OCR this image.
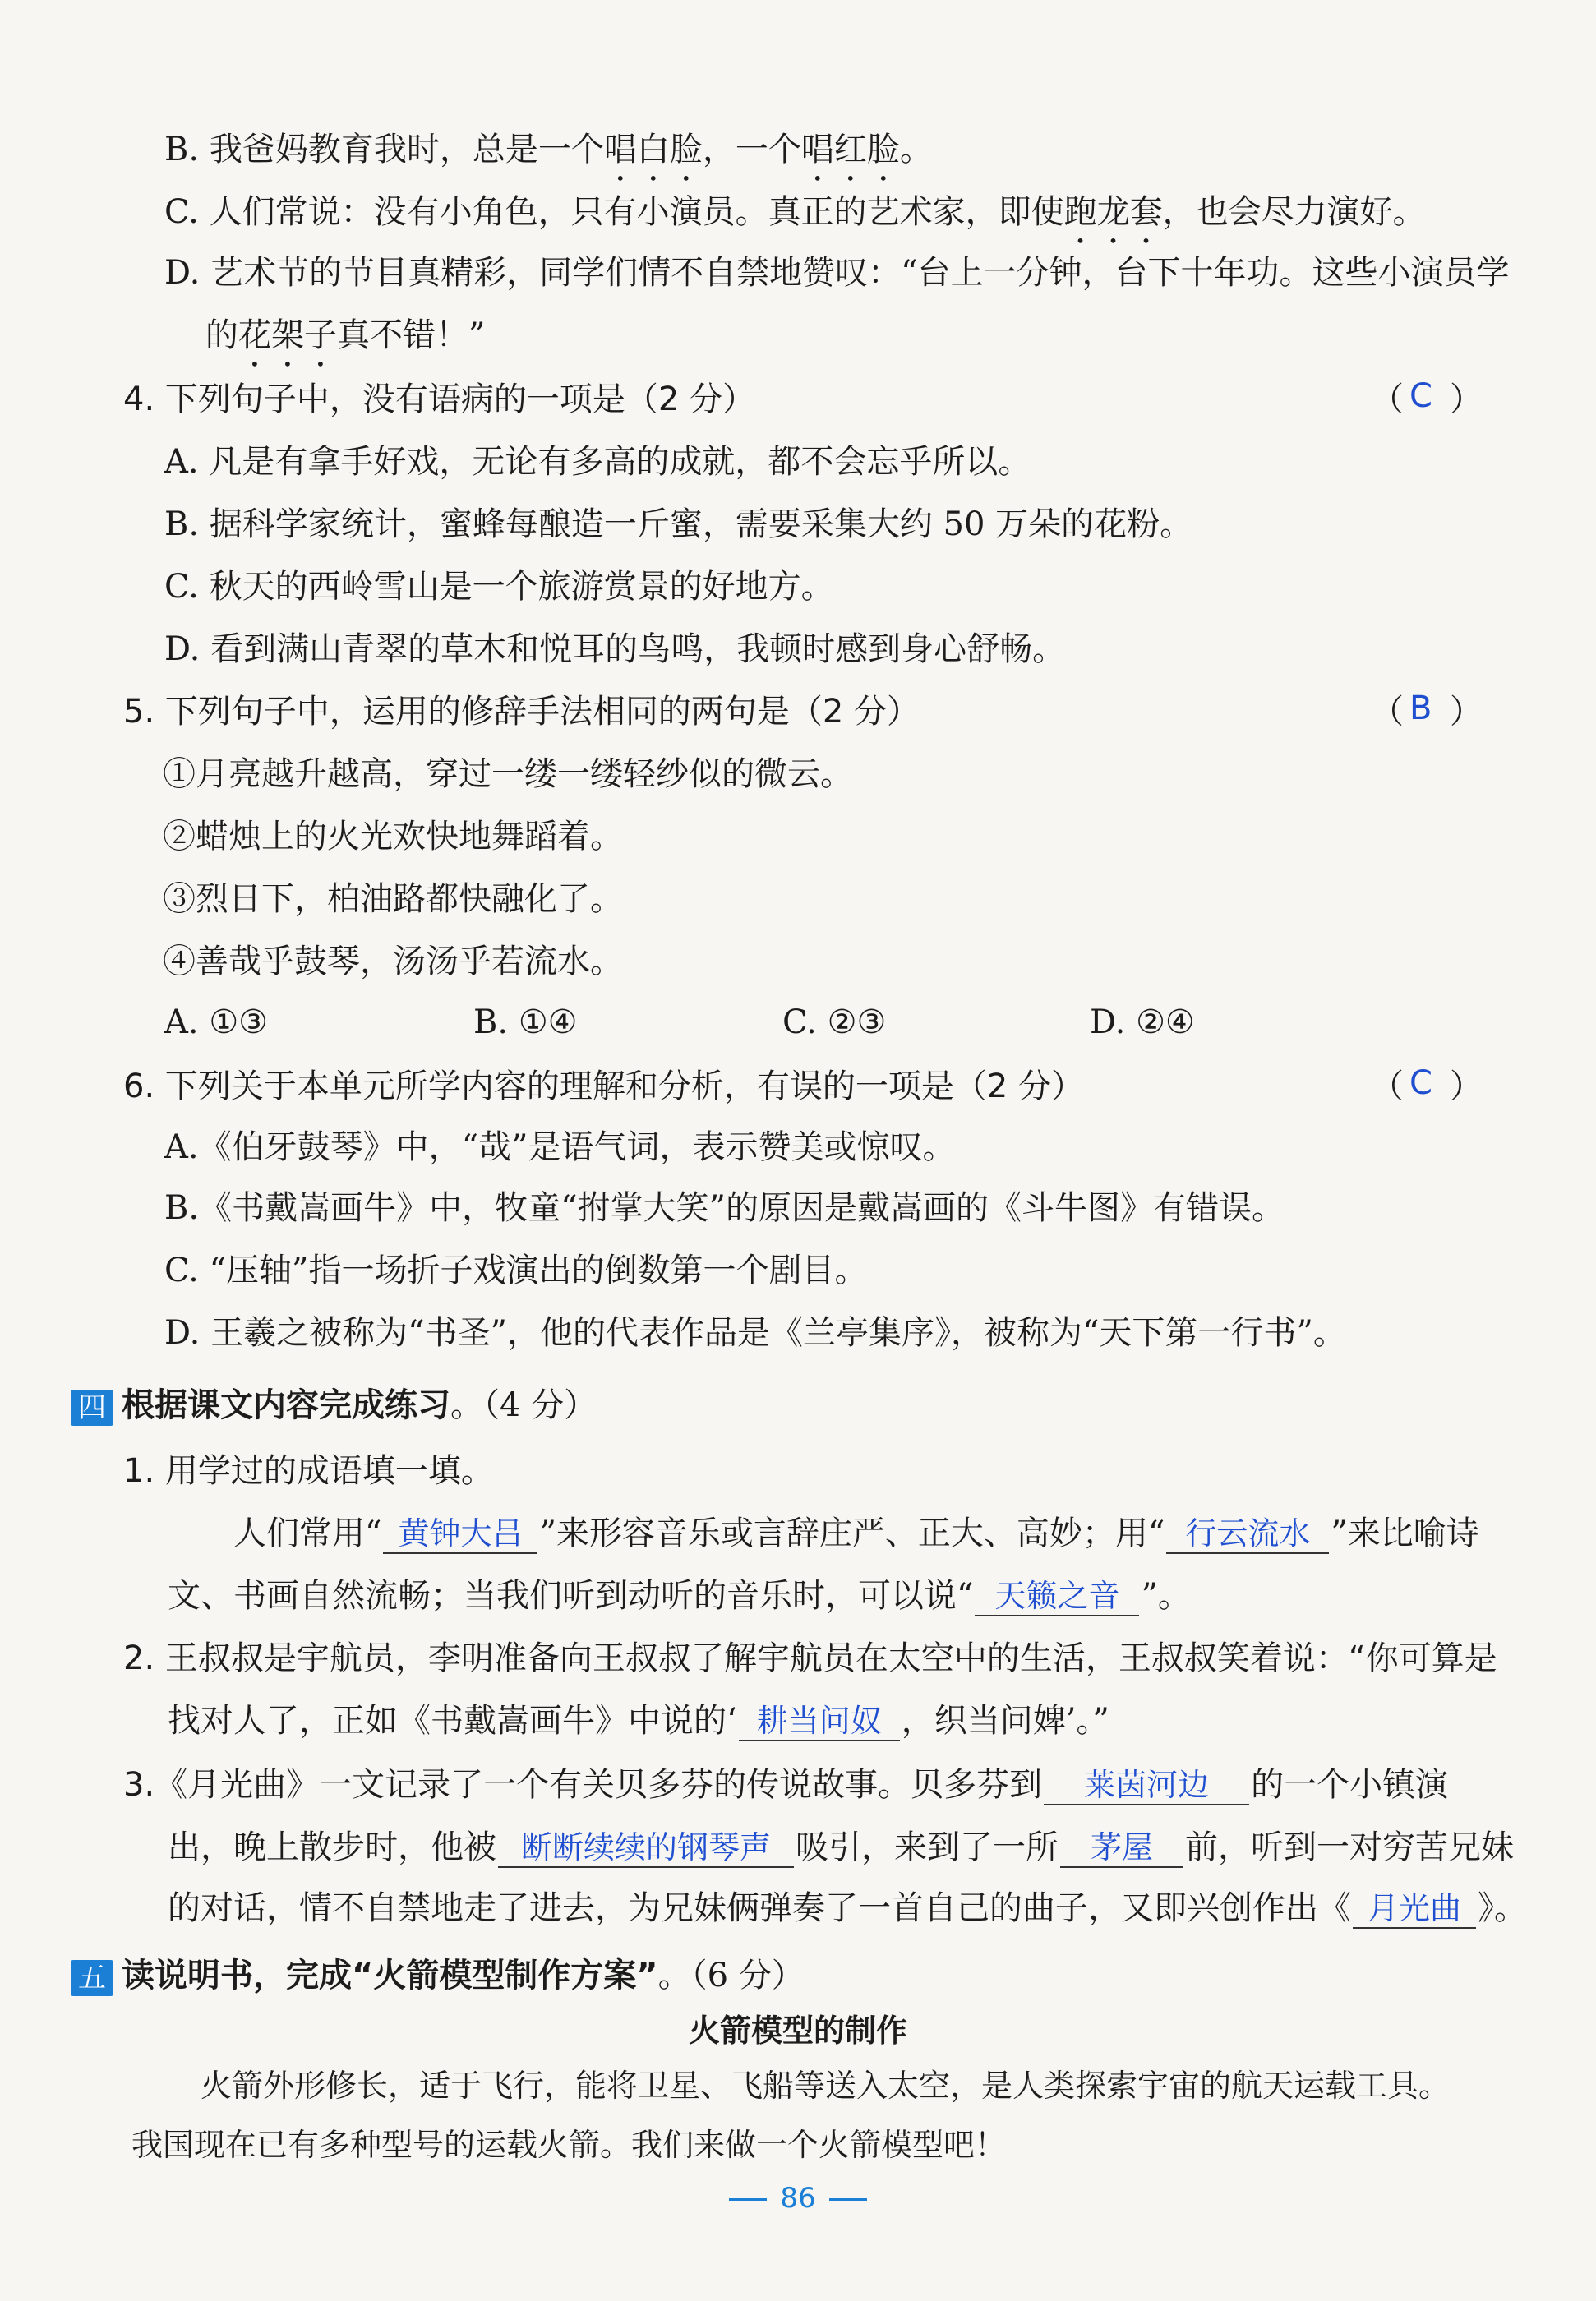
B. 我爸妈教育我时，总是一个唱白脸，一个唱红脸。
C. 人们常说：没有小角色，只有小演员。真正的艺术家，即使跑龙套，也会尽力演好。
D. 艺术节的节目真精彩，同学们情不自禁地赞叹：“台上一分钟，台下十年功。这些小演员学
的花架子真不错！”
4. 下列句子中，没有语病的一项是（2 分）	（ ）
C
A. 凡是有拿手好戏，无论有多高的成就，都不会忘乎所以。
B. 据科学家统计，蜜蜂每酿造一斤蜜，需要采集大约 50 万朵的花粉。
C. 秋天的西岭雪山是一个旅游赏景的好地方。
D. 看到满山青翠的草木和悦耳的鸟鸣，我顿时感到身心舒畅。
5. 下列句子中，运用的修辞手法相同的两句是（2 分）	（ ）
B
①月亮越升越高，穿过一缕一缕轻纱似的微云。
②蜡烛上的火光欢快地舞蹈着。
③烈日下，柏油路都快融化了。
④善哉乎鼓琴，汤汤乎若流水。
A. ①③	B. ①④	C. ②③	D. ②④
6. 下列关于本单元所学内容的理解和分析，有误的一项是（2 分）	（ ）
C
A.《伯牙鼓琴》中，“哉”是语气词，表示赞美或惊叹。
B.《书戴嵩画牛》中，牧童“拊掌大笑”的原因是戴嵩画的《斗牛图》有错误。
C. “压轴”指一场折子戏演出的倒数第一个剧目。
D. 王羲之被称为“书圣”，他的代表作品是《兰亭集序》，被称为“天下第一行书”。
四 根据课文内容完成练习。（4 分）
1. 用学过的成语填一填。
人们常用“ 黄钟大吕 ”来形容音乐或言辞庄严、正大、高妙；用“ 行云流水 ”来比喻诗
文、书画自然流畅；当我们听到动听的音乐时，可以说“ 天籁之音 ”。
2. 王叔叔是宇航员，李明准备向王叔叔了解宇航员在太空中的生活，王叔叔笑着说：“你可算是
找对人了，正如《书戴嵩画牛》中说的‘ 耕当问奴 ，织当问婢’。”
3.《月光曲》一文记录了一个有关贝多芬的传说故事。贝多芬到 莱茵河边 的一个小镇演
出，晚上散步时，他被 断断续续的钢琴声 吸引，来到了一所 茅屋 前，听到一对穷苦兄妹
的对话，情不自禁地走了进去，为兄妹俩弹奏了一首自己的曲子，又即兴创作出《 月光曲 》。
五 读说明书，完成“火箭模型制作方案”。（6 分）
火箭模型的制作
火箭外形修长，适于飞行，能将卫星、飞船等送入太空，是人类探索宇宙的航天运载工具。
我国现在已有多种型号的运载火箭。我们来做一个火箭模型吧！
86
